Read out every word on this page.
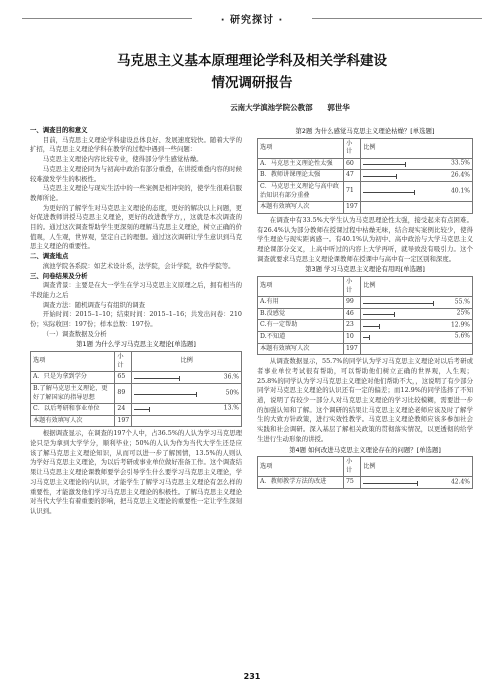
· 研究探讨 ·
马克思主义基本原理理论学科及相关学科建设
情况调研报告
云南大学滇池学院公教部 郭世华
一、调查目的和意义
目前，马克思主义理论学科建设总体良好、发展速度较快。随着大学的扩招，马克思主义理论学科在教学的过程中遇到一些问题：
马克思主义理论内容比较专业，使得部分学生感觉枯燥。
马克思主义理论同为与初高中政治有部分重叠，在讲授重叠内容的时候较难激发学生的积极性。
马克思主义理论与现实生活中的一些案例是相冲突的，使学生很难信服教师所论。
为更好的了解学生对马克思主义理论的态度，更好的解决以上问题，更好促进教师讲授马克思主义理论，更好的改进教学方，，这就是本次调查的目的。通过这次调查帮助学生更深刻的理解马克思主义理论，树立正确的价值观，人生观，世界观，坚定自己的理想。通过这次调研让学生意识到马克思主义理论的重要性。
二、调查地点
滇池学院各系院：如艺术设计系，法学院，会计学院，软件学院等。
三、问卷结果及分析
调查背景：主要是在大一学生在学习马克思主义原理之后，拥有相当的半段能力之后
调查方法：随机调查与有组织的调查
开始时间：2015–1–10；结束时间：2015–1–16；共发出问卷：210份；实际收回：197份；样本总数：197份。
（一）调查数据及分析
第1题 为什么学习马克思主义理论[单选题]
选项	小计	比例
A．只是为拿到学分	65	36.%

B.了解马克思主义理论，更好了解国家的指导思想	89	50%

C．以后考研和事业单位	24	13.%

本题有效填写人次	197	
根据调查显示，在调查的197个人中，占36.5%的人认为学习马克思理论只是为拿到大学学分，顺利毕业；50%的人认为作为当代大学生还是应该了解马克思主义理论知识，从而可以进一步了解国情，13.5%的人则认为学好马克思主义理论，为以后考研或事业单位做好准备工作。这个调查结果让马克思主义理论课教师要学会引导学生什么要学习马克思主义理论，学习马克思主义理论的内认识，才能学生了解学习马克思主义理论有怎么样的重要性，才能激发他们学习马克思主义理论的积极性。了解马克思主义理论对当代大学生有着重要的影响，把马克思主义理论的重要性一定让学生深刻认识到。
第2题 为什么感觉马克思主义理论枯燥？[单选题]
选项	小计	比例
A．马克思主义理论性太强	60	33.5%

B．教师讲课理论太强	47	26.4%

C．马克思主义理论与高中政治知识有部分重叠	71	40.1%

本题有效填写人次	197	
在调查中有33.5%大学生认为马克思理论性太强，接受起来有点困难。有26.4%认为部分教师在授课过程中枯燥无味，结合现实案例比较少，使得学生理论与现实距离感一。有40.1%认为初中、高中政治与大学马克思主义理论课部分交叉，上高中听过的内容上大学再听，就导致没有吸引力。这个调查就要求马克思主义理论课教师在授课中与高中有一定区别和深度。
第3题 学习马克思主义理论有用吗[单选题]
选项	小计	比例
A.有用	99	55.%

B.没感觉	46	25%

C.有一定帮助	23	12.9%

D.不知道	10	5.6%

本题有效填写人次	197	
从调查数据显示，55.7%的同学认为学习马克思主义理论对以后考研或者事业单位考试很有帮助，可以帮助他们树立正确的世界观，人生观；25.8%的同学认为学习马克思主义理论对他们帮助不大，，这说明了有少部分同学对马克思主义理论的认识还有一定的偏差；而12.9%的同学选择了不知道，说明了有较少一部分人对马克思主义理论的学习比较模糊，需要进一步的加强认知和了解。这个调研的结果让马克思主义理论老师应该及时了解学生的大致方针政策，进行实效性教学。马克思主义理论教师应该多参加社会实践和社会调研。深入基层了解相关政策的贯彻落实情况，以更透彻的给学生进行生动形象的讲授。
第4题 如何改进马克思主义理论存在的问题？[单选题]
选项	小计	比例
A．教师教学方法的改进	75	42.4%
231
